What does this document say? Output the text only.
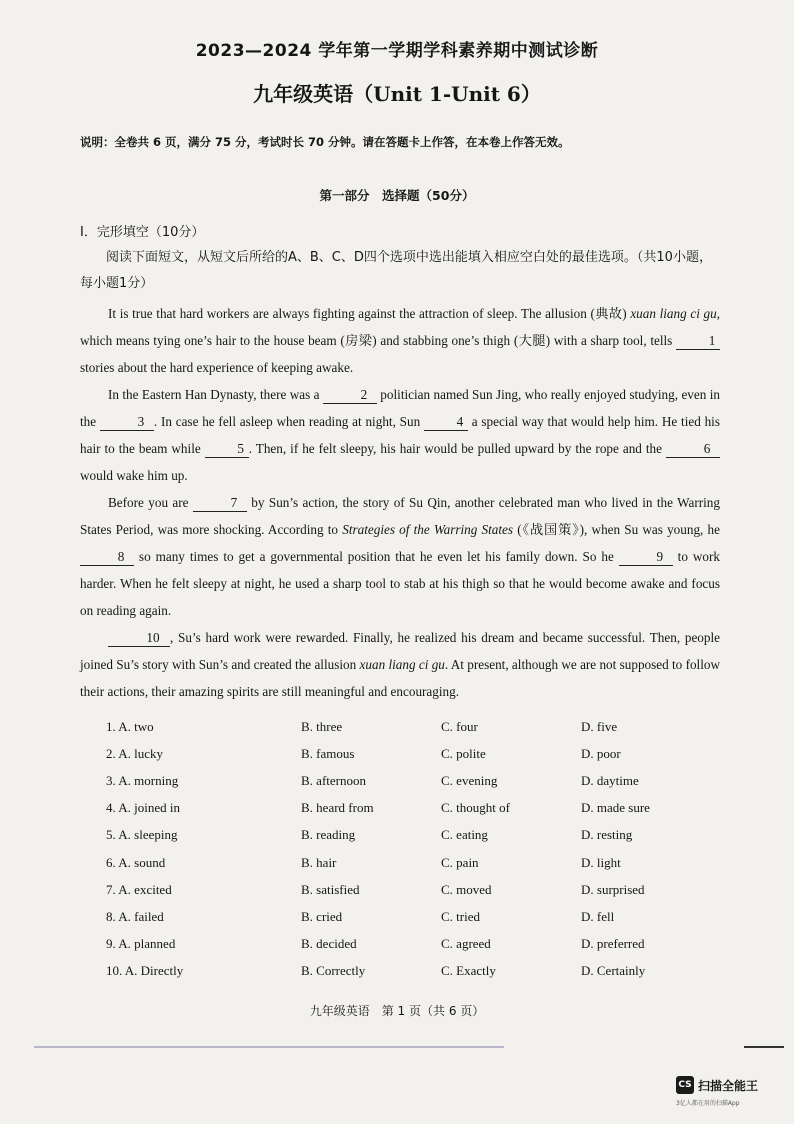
2023—2024 学年第一学期学科素养期中测试诊断
九年级英语（Unit 1-Unit 6）
说明：全卷共 6 页，满分 75 分，考试时长 70 分钟。请在答题卡上作答，在本卷上作答无效。
第一部分　选择题（50分）
Ⅰ．完形填空（10分）
阅读下面短文，从短文后所给的A、B、C、D四个选项中选出能填入相应空白处的最佳选项。（共10小题，每小题1分）

It is true that hard workers are always fighting against the attraction of sleep. The allusion (典故) xuan liang ci gu, which means tying one’s hair to the house beam (房梁) and stabbing one’s thigh (大腿) with a sharp tool, tells 1 stories about the hard experience of keeping awake.

In the Eastern Han Dynasty, there was a	2 politician named Sun Jing, who really enjoyed studying, even in the	3 . In case he fell asleep when reading at night, Sun 4 a special way that would help him. He tied his hair to the beam while 5 . Then, if he felt sleepy, his hair would be pulled upward by the rope and the	6 would wake him up.

Before you are	7 by Sun’s action, the story of Su Qin, another celebrated man who lived in the Warring States Period, was more shocking. According to Strategies of the Warring States (《战国策》), when Su was young, he 8 so many times to get a governmental position that he even let his family down. So he	9 to work harder. When he felt sleepy at night, he used a sharp tool to stab at his thigh so that he would become awake and focus on reading again.

10 , Su’s hard work were rewarded. Finally, he realized his dream and became successful. Then, people joined Su’s story with Sun’s and created the allusion xuan liang ci gu. At present, although we are not supposed to follow their actions, their amazing spirits are still meaningful and encouraging.

1. A. two	B. three	C. four	D. five
2. A. lucky	B. famous	C. polite	D. poor
3. A. morning	B. afternoon	C. evening	D. daytime
4. A. joined in	B. heard from	C. thought of	D. made sure
5. A. sleeping	B. reading	C. eating	D. resting
6. A. sound	B. hair	C. pain	D. light
7. A. excited	B. satisfied	C. moved	D. surprised
8. A. failed	B. cried	C. tried	D. fell
9. A. planned	B. decided	C. agreed	D. preferred
10. A. Directly	B. Correctly	C. Exactly	D. Certainly
九年级英语　第 1 页（共 6 页）
CS 扫描全能王
3亿人都在用的扫描App
